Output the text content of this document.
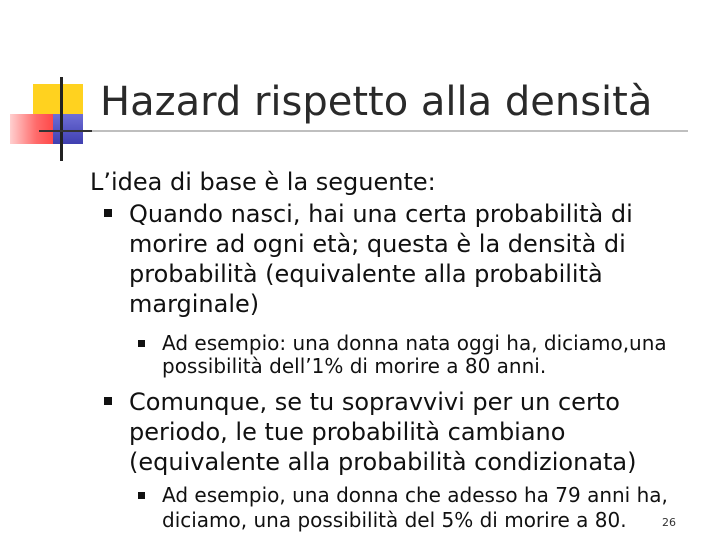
Hazard rispetto alla densità
L’idea di base è la seguente:
Quando nasci, hai una certa probabilità di
morire ad ogni età; questa è la densità di
probabilità (equivalente alla probabilità
marginale)
Ad esempio: una donna nata oggi ha, diciamo,una
possibilità dell’1% di morire a 80 anni.
Comunque, se tu sopravvivi per un certo
periodo, le tue probabilità cambiano
(equivalente alla probabilità condizionata)
Ad esempio, una donna che adesso ha 79 anni ha,
diciamo, una possibilità del 5% di morire a 80.	26
